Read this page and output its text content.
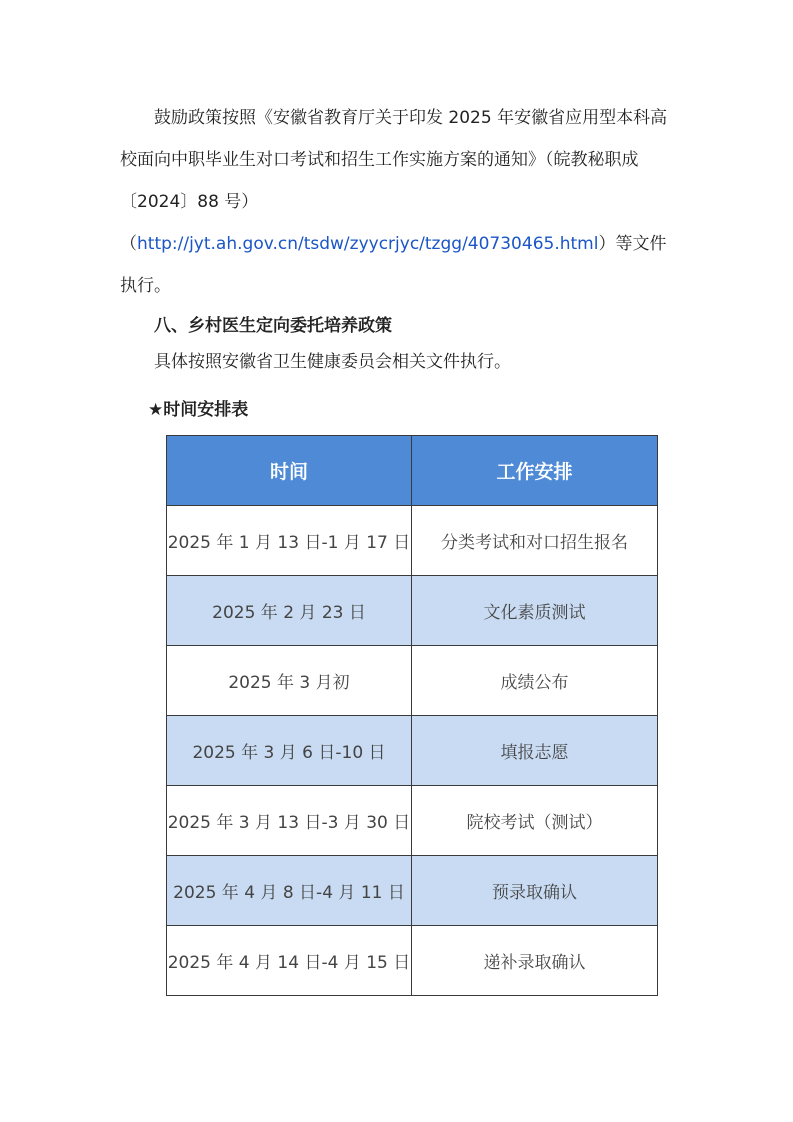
鼓励政策按照《安徽省教育厅关于印发 2025 年安徽省应用型本科高校面向中职毕业生对口考试和招生工作实施方案的通知》（皖教秘职成〔2024〕88 号）
（http://jyt.ah.gov.cn/tsdw/zyycrjyc/tzgg/40730465.html）等文件执行。

八、乡村医生定向委托培养政策

具体按照安徽省卫生健康委员会相关文件执行。

★时间安排表
时间	工作安排
2025 年 1 月 13 日-1 月 17 日	分类考试和对口招生报名
2025 年 2 月 23 日	文化素质测试
2025 年 3 月初	成绩公布
2025 年 3 月 6 日-10 日	填报志愿
2025 年 3 月 13 日-3 月 30 日	院校考试（测试）
2025 年 4 月 8 日-4 月 11 日	预录取确认
2025 年 4 月 14 日-4 月 15 日	递补录取确认
